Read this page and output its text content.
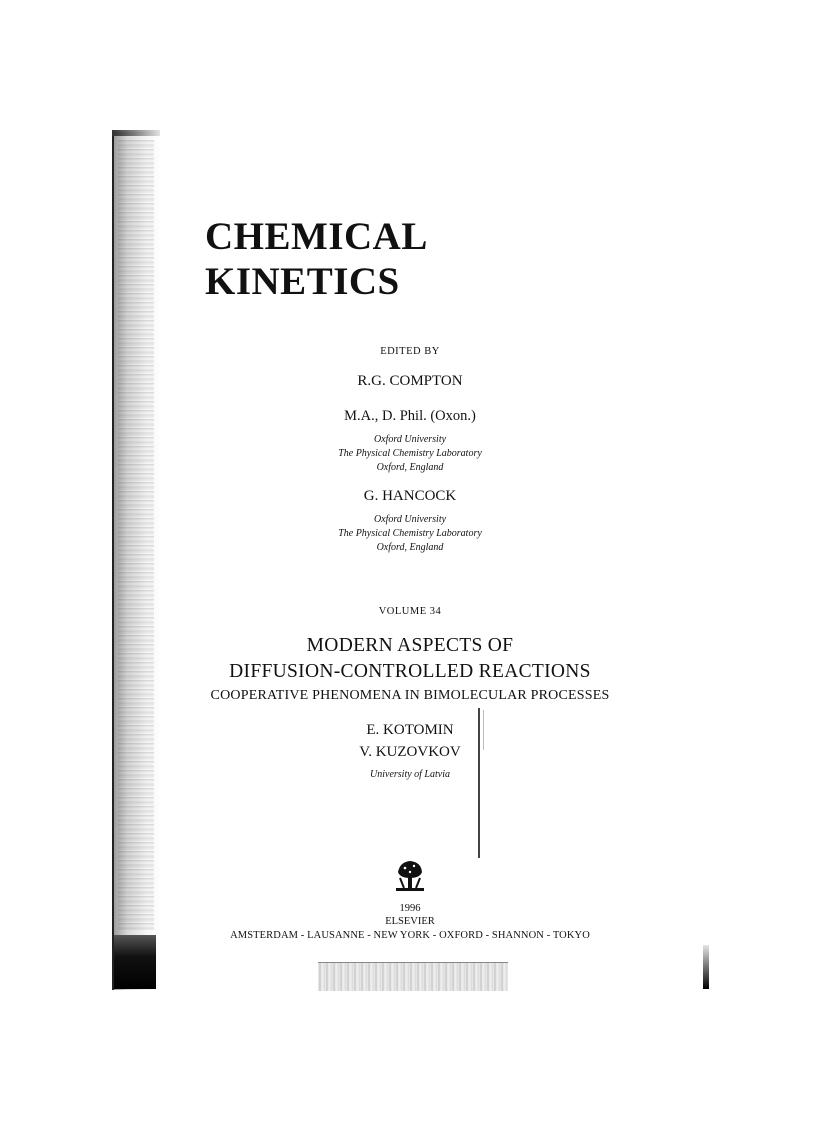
CHEMICAL KINETICS
EDITED BY
R.G. COMPTON
M.A., D. Phil. (Oxon.)
Oxford University
The Physical Chemistry Laboratory
Oxford, England
G. HANCOCK
Oxford University
The Physical Chemistry Laboratory
Oxford, England
VOLUME 34
MODERN ASPECTS OF
DIFFUSION-CONTROLLED REACTIONS
COOPERATIVE PHENOMENA IN BIMOLECULAR PROCESSES
E. KOTOMIN
V. KUZOVKOV
University of Latvia
1996
ELSEVIER
AMSTERDAM - LAUSANNE - NEW YORK - OXFORD - SHANNON - TOKYO
